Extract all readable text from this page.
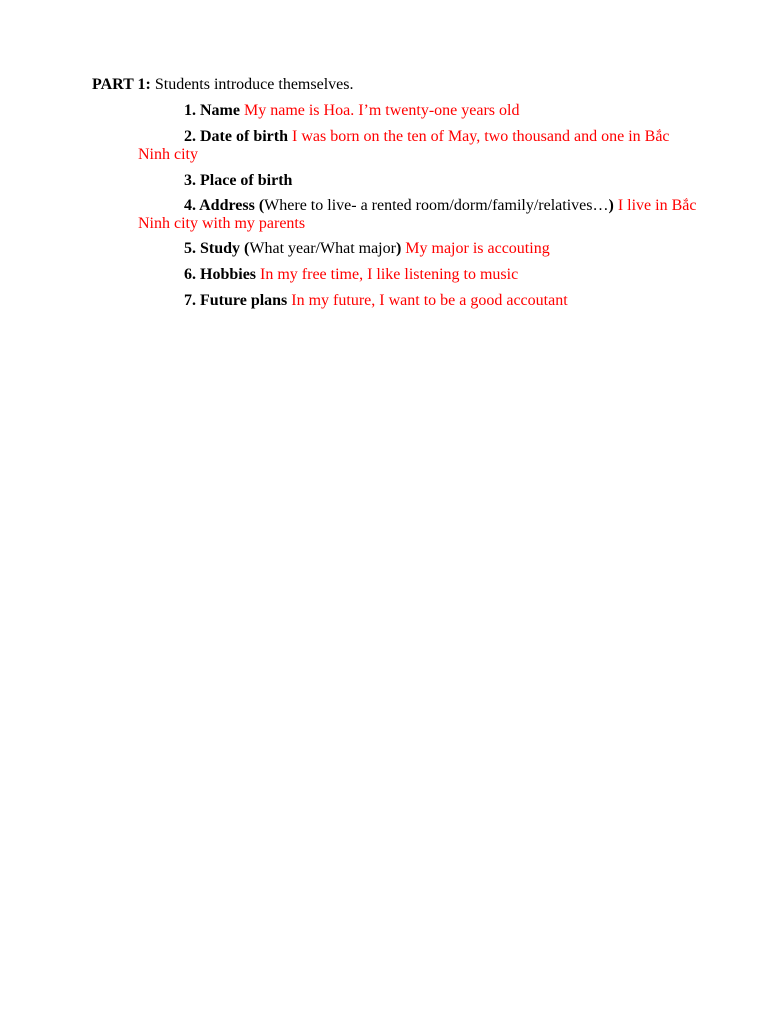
PART 1: Students introduce themselves.
1. Name My name is Hoa. I’m twenty-one years old
2. Date of birth I was born on the ten of May, two thousand and one in Bắc Ninh city
3. Place of birth
4. Address (Where to live- a rented room/dorm/family/relatives…) I live in Bắc Ninh city with my parents
5. Study (What year/What major) My major is accouting
6. Hobbies In my free time, I like listening to music
7. Future plans In my future, I want to be a good accoutant
